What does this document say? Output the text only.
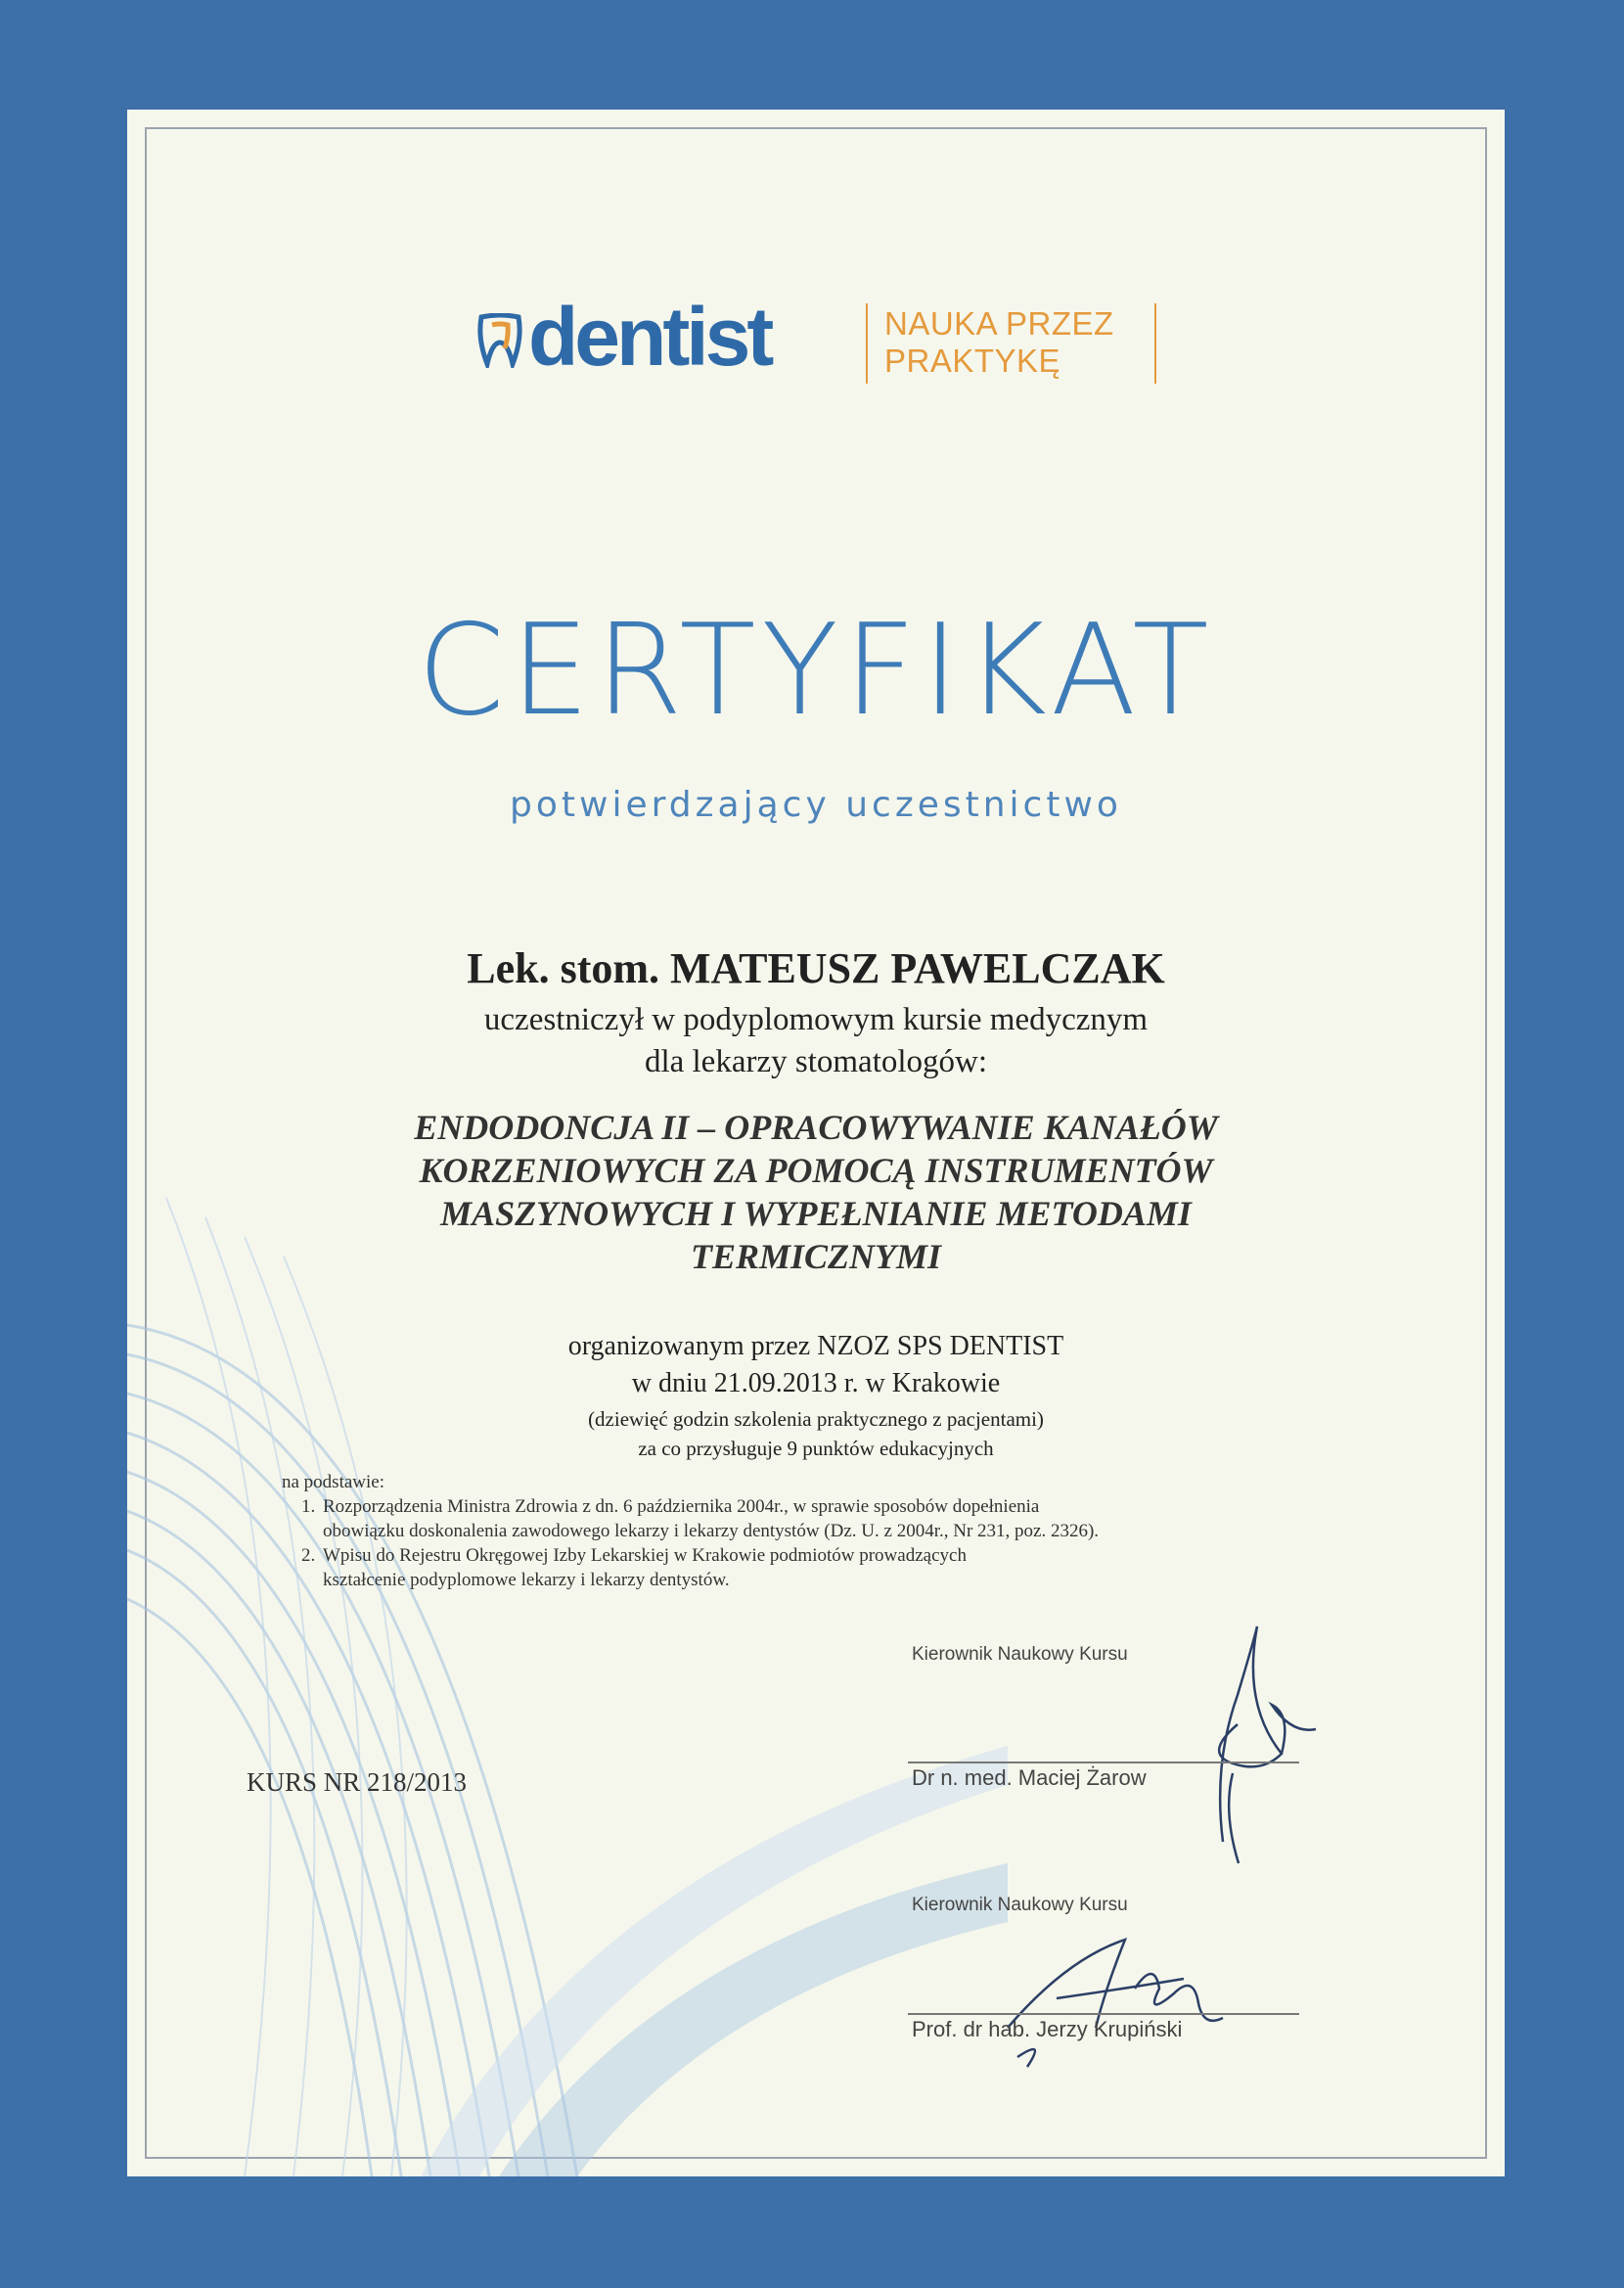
dentist	NAUKA PRZEZ
PRAKTYKĘ
CERTYFIKAT
potwierdzający uczestnictwo
Lek. stom. MATEUSZ PAWELCZAK
uczestniczył w podyplomowym kursie medycznym
dla lekarzy stomatologów:
ENDODONCJA II – OPRACOWYWANIE KANAŁÓW
KORZENIOWYCH ZA POMOCĄ INSTRUMENTÓW
MASZYNOWYCH I WYPEŁNIANIE METODAMI
TERMICZNYMI
organizowanym przez NZOZ SPS DENTIST
w dniu 21.09.2013 r. w Krakowie
(dziewięć godzin szkolenia praktycznego z pacjentami)
za co przysługuje 9 punktów edukacyjnych
na podstawie:
1. Rozporządzenia Ministra Zdrowia z dn. 6 października 2004r., w sprawie sposobów dopełnienia
obowiązku doskonalenia zawodowego lekarzy i lekarzy dentystów (Dz. U. z 2004r., Nr 231, poz. 2326).
2. Wpisu do Rejestru Okręgowej Izby Lekarskiej w Krakowie podmiotów prowadzących
kształcenie podyplomowe lekarzy i lekarzy dentystów.
KURS NR 218/2013
Kierownik Naukowy Kursu
Dr n. med. Maciej Żarow
Kierownik Naukowy Kursu
Prof. dr hab. Jerzy Krupiński
